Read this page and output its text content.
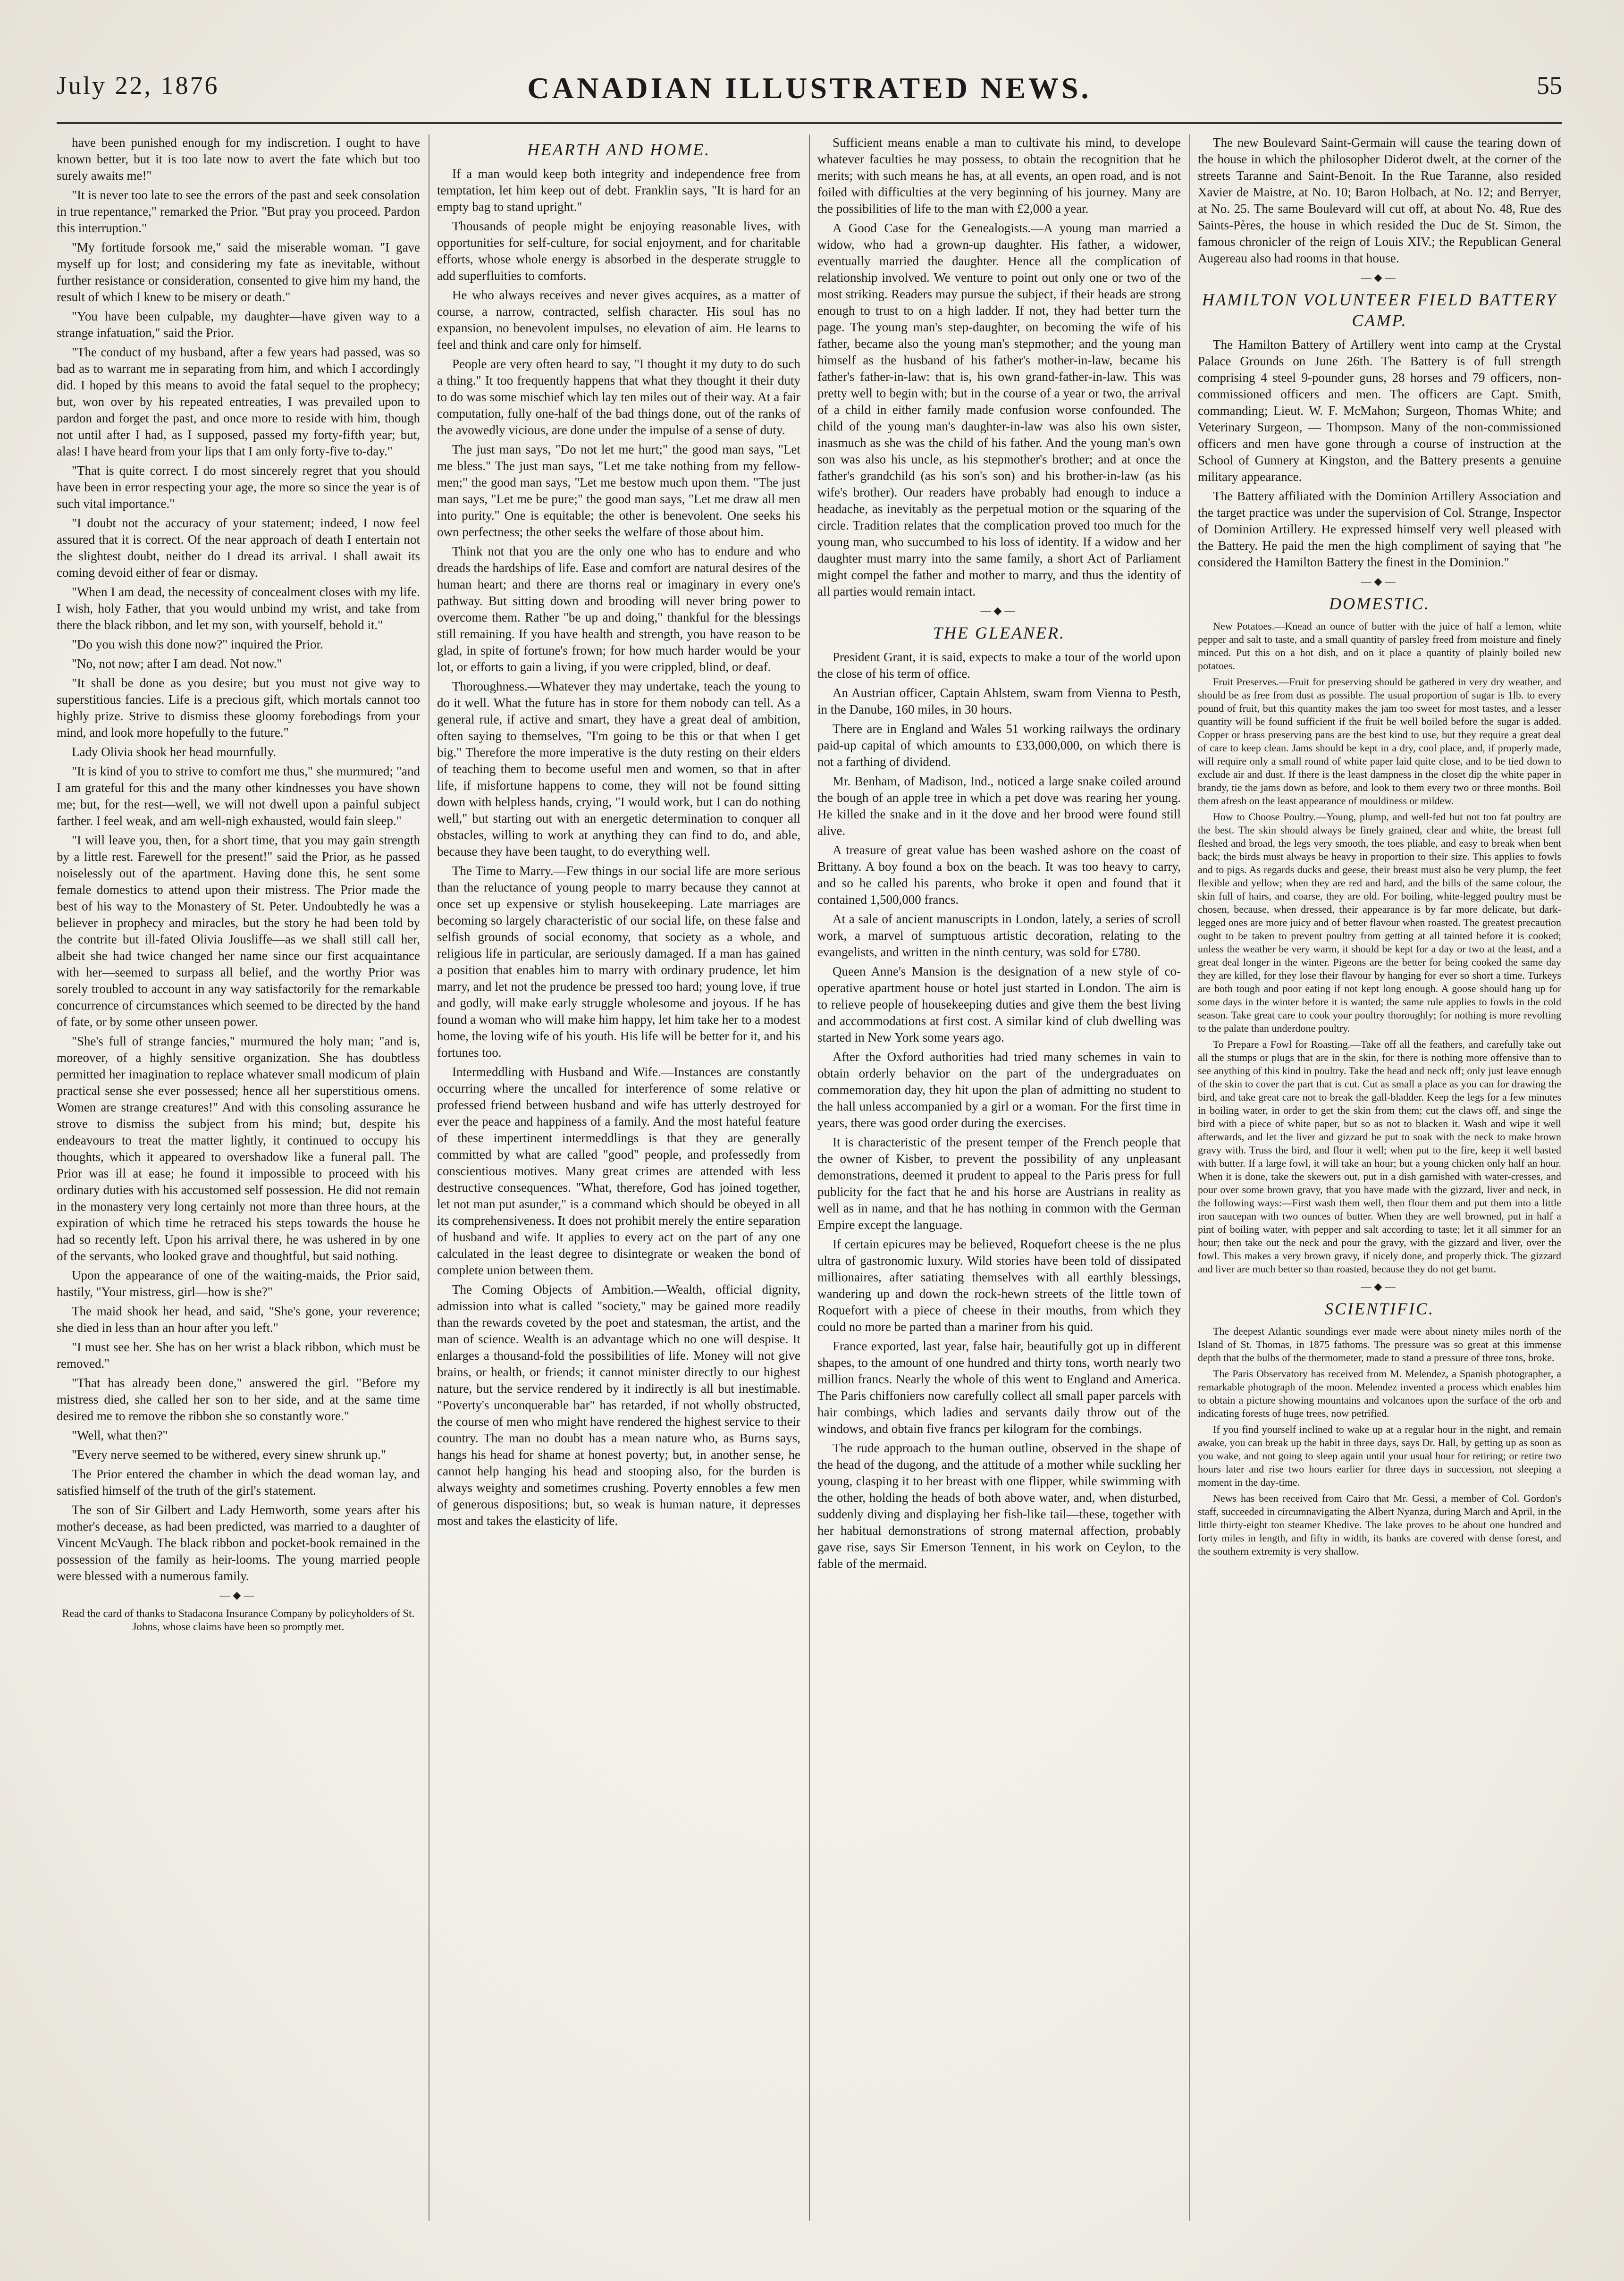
CANADIAN ILLUSTRATED NEWS.
July 22, 1876	55

have been punished enough for my indiscretion. I ought to have known better, but it is too late now to avert the fate which but too surely awaits me!"

"It is never too late to see the errors of the past and seek consolation in true repentance," remarked the Prior. "But pray you proceed. Pardon this interruption."

"My fortitude forsook me," said the miserable woman. "I gave myself up for lost; and considering my fate as inevitable, without further resistance or consideration, consented to give him my hand, the result of which I knew to be misery or death."

"You have been culpable, my daughter—have given way to a strange infatuation," said the Prior.

"The conduct of my husband, after a few years had passed, was so bad as to warrant me in separating from him, and which I accordingly did. I hoped by this means to avoid the fatal sequel to the prophecy; but, won over by his repeated entreaties, I was prevailed upon to pardon and forget the past, and once more to reside with him, though not until after I had, as I supposed, passed my forty-fifth year; but, alas! I have heard from your lips that I am only forty-five to-day."

"That is quite correct. I do most sincerely regret that you should have been in error respecting your age, the more so since the year is of such vital importance."

"I doubt not the accuracy of your statement; indeed, I now feel assured that it is correct. Of the near approach of death I entertain not the slightest doubt, neither do I dread its arrival. I shall await its coming devoid either of fear or dismay.

"When I am dead, the necessity of concealment closes with my life. I wish, holy Father, that you would unbind my wrist, and take from there the black ribbon, and let my son, with yourself, behold it."

"Do you wish this done now?" inquired the Prior.

"No, not now; after I am dead. Not now."

"It shall be done as you desire; but you must not give way to superstitious fancies. Life is a precious gift, which mortals cannot too highly prize. Strive to dismiss these gloomy forebodings from your mind, and look more hopefully to the future."

Lady Olivia shook her head mournfully.

"It is kind of you to strive to comfort me thus," she murmured; "and I am grateful for this and the many other kindnesses you have shown me; but, for the rest—well, we will not dwell upon a painful subject farther. I feel weak, and am well-nigh exhausted, would fain sleep."

"I will leave you, then, for a short time, that you may gain strength by a little rest. Farewell for the present!" said the Prior, as he passed noiselessly out of the apartment. Having done this, he sent some female domestics to attend upon their mistress. The Prior made the best of his way to the Monastery of St. Peter. Undoubtedly he was a believer in prophecy and miracles, but the story he had been told by the contrite but ill-fated Olivia Jousliffe—as we shall still call her, albeit she had twice changed her name since our first acquaintance with her—seemed to surpass all belief, and the worthy Prior was sorely troubled to account in any way satisfactorily for the remarkable concurrence of circumstances which seemed to be directed by the hand of fate, or by some other unseen power.

"She's full of strange fancies," murmured the holy man; "and is, moreover, of a highly sensitive organization. She has doubtless permitted her imagination to replace whatever small modicum of plain practical sense she ever possessed; hence all her superstitious omens. Women are strange creatures!" And with this consoling assurance he strove to dismiss the subject from his mind; but, despite his endeavours to treat the matter lightly, it continued to occupy his thoughts, which it appeared to overshadow like a funeral pall. The Prior was ill at ease; he found it impossible to proceed with his ordinary duties with his accustomed self possession. He did not remain in the monastery very long certainly not more than three hours, at the expiration of which time he retraced his steps towards the house he had so recently left. Upon his arrival there, he was ushered in by one of the servants, who looked grave and thoughtful, but said nothing.

Upon the appearance of one of the waiting-maids, the Prior said, hastily, "Your mistress, girl—how is she?"

The maid shook her head, and said, "She's gone, your reverence; she died in less than an hour after you left."

"I must see her. She has on her wrist a black ribbon, which must be removed."

"That has already been done," answered the girl. "Before my mistress died, she called her son to her side, and at the same time desired me to remove the ribbon she so constantly wore."

"Well, what then?"

"Every nerve seemed to be withered, every sinew shrunk up."

The Prior entered the chamber in which the dead woman lay, and satisfied himself of the truth of the girl's statement.

The son of Sir Gilbert and Lady Hemworth, some years after his mother's decease, as had been predicted, was married to a daughter of Vincent McVaugh. The black ribbon and pocket-book remained in the possession of the family as heir-looms. The young married people were blessed with a numerous family.

—◆—
Read the card of thanks to Stadacona Insurance Company by policyholders of St. Johns, whose claims have been so promptly met.
HEARTH AND HOME.

If a man would keep both integrity and independence free from temptation, let him keep out of debt. Franklin says, "It is hard for an empty bag to stand upright."

Thousands of people might be enjoying reasonable lives, with opportunities for self-culture, for social enjoyment, and for charitable efforts, whose whole energy is absorbed in the desperate struggle to add superfluities to comforts.

He who always receives and never gives acquires, as a matter of course, a narrow, contracted, selfish character. His soul has no expansion, no benevolent impulses, no elevation of aim. He learns to feel and think and care only for himself.

People are very often heard to say, "I thought it my duty to do such a thing." It too frequently happens that what they thought it their duty to do was some mischief which lay ten miles out of their way. At a fair computation, fully one-half of the bad things done, out of the ranks of the avowedly vicious, are done under the impulse of a sense of duty.

The just man says, "Do not let me hurt;" the good man says, "Let me bless." The just man says, "Let me take nothing from my fellow-men;" the good man says, "Let me bestow much upon them. "The just man says, "Let me be pure;" the good man says, "Let me draw all men into purity." One is equitable; the other is benevolent. One seeks his own perfectness; the other seeks the welfare of those about him.

Think not that you are the only one who has to endure and who dreads the hardships of life. Ease and comfort are natural desires of the human heart; and there are thorns real or imaginary in every one's pathway. But sitting down and brooding will never bring power to overcome them. Rather "be up and doing," thankful for the blessings still remaining. If you have health and strength, you have reason to be glad, in spite of fortune's frown; for how much harder would be your lot, or efforts to gain a living, if you were crippled, blind, or deaf.

Thoroughness.—Whatever they may undertake, teach the young to do it well. What the future has in store for them nobody can tell. As a general rule, if active and smart, they have a great deal of ambition, often saying to themselves, "I'm going to be this or that when I get big." Therefore the more imperative is the duty resting on their elders of teaching them to become useful men and women, so that in after life, if misfortune happens to come, they will not be found sitting down with helpless hands, crying, "I would work, but I can do nothing well," but starting out with an energetic determination to conquer all obstacles, willing to work at anything they can find to do, and able, because they have been taught, to do everything well.

The Time to Marry.—Few things in our social life are more serious than the reluctance of young people to marry because they cannot at once set up expensive or stylish housekeeping. Late marriages are becoming so largely characteristic of our social life, on these false and selfish grounds of social economy, that society as a whole, and religious life in particular, are seriously damaged. If a man has gained a position that enables him to marry with ordinary prudence, let him marry, and let not the prudence be pressed too hard; young love, if true and godly, will make early struggle wholesome and joyous. If he has found a woman who will make him happy, let him take her to a modest home, the loving wife of his youth. His life will be better for it, and his fortunes too.

Intermeddling with Husband and Wife.—Instances are constantly occurring where the uncalled for interference of some relative or professed friend between husband and wife has utterly destroyed for ever the peace and happiness of a family. And the most hateful feature of these impertinent intermeddlings is that they are generally committed by what are called "good" people, and professedly from conscientious motives. Many great crimes are attended with less destructive consequences. "What, therefore, God has joined together, let not man put asunder," is a command which should be obeyed in all its comprehensiveness. It does not prohibit merely the entire separation of husband and wife. It applies to every act on the part of any one calculated in the least degree to disintegrate or weaken the bond of complete union between them.

The Coming Objects of Ambition.—Wealth, official dignity, admission into what is called "society," may be gained more readily than the rewards coveted by the poet and statesman, the artist, and the man of science. Wealth is an advantage which no one will despise. It enlarges a thousand-fold the possibilities of life. Money will not give brains, or health, or friends; it cannot minister directly to our highest nature, but the service rendered by it indirectly is all but inestimable. "Poverty's unconquerable bar" has retarded, if not wholly obstructed, the course of men who might have rendered the highest service to their country. The man no doubt has a mean nature who, as Burns says, hangs his head for shame at honest poverty; but, in another sense, he cannot help hanging his head and stooping also, for the burden is always weighty and sometimes crushing. Poverty ennobles a few men of generous dispositions; but, so weak is human nature, it depresses most and takes the elasticity of life.

Sufficient means enable a man to cultivate his mind, to develope whatever faculties he may possess, to obtain the recognition that he merits; with such means he has, at all events, an open road, and is not foiled with difficulties at the very beginning of his journey. Many are the possibilities of life to the man with £2,000 a year.

A Good Case for the Genealogists.—A young man married a widow, who had a grown-up daughter. His father, a widower, eventually married the daughter. Hence all the complication of relationship involved. We venture to point out only one or two of the most striking. Readers may pursue the subject, if their heads are strong enough to trust to on a high ladder. If not, they had better turn the page. The young man's step-daughter, on becoming the wife of his father, became also the young man's stepmother; and the young man himself as the husband of his father's mother-in-law, became his father's father-in-law: that is, his own grand-father-in-law. This was pretty well to begin with; but in the course of a year or two, the arrival of a child in either family made confusion worse confounded. The child of the young man's daughter-in-law was also his own sister, inasmuch as she was the child of his father. And the young man's own son was also his uncle, as his stepmother's brother; and at once the father's grandchild (as his son's son) and his brother-in-law (as his wife's brother). Our readers have probably had enough to induce a headache, as inevitably as the perpetual motion or the squaring of the circle. Tradition relates that the complication proved too much for the young man, who succumbed to his loss of identity. If a widow and her daughter must marry into the same family, a short Act of Parliament might compel the father and mother to marry, and thus the identity of all parties would remain intact.

—◆—
THE GLEANER.

President Grant, it is said, expects to make a tour of the world upon the close of his term of office.

An Austrian officer, Captain Ahlstem, swam from Vienna to Pesth, in the Danube, 160 miles, in 30 hours.

There are in England and Wales 51 working railways the ordinary paid-up capital of which amounts to £33,000,000, on which there is not a farthing of dividend.

Mr. Benham, of Madison, Ind., noticed a large snake coiled around the bough of an apple tree in which a pet dove was rearing her young. He killed the snake and in it the dove and her brood were found still alive.

A treasure of great value has been washed ashore on the coast of Brittany. A boy found a box on the beach. It was too heavy to carry, and so he called his parents, who broke it open and found that it contained 1,500,000 francs.

At a sale of ancient manuscripts in London, lately, a series of scroll work, a marvel of sumptuous artistic decoration, relating to the evangelists, and written in the ninth century, was sold for £780.

Queen Anne's Mansion is the designation of a new style of co-operative apartment house or hotel just started in London. The aim is to relieve people of housekeeping duties and give them the best living and accommodations at first cost. A similar kind of club dwelling was started in New York some years ago.

After the Oxford authorities had tried many schemes in vain to obtain orderly behavior on the part of the undergraduates on commemoration day, they hit upon the plan of admitting no student to the hall unless accompanied by a girl or a woman. For the first time in years, there was good order during the exercises.

It is characteristic of the present temper of the French people that the owner of Kisber, to prevent the possibility of any unpleasant demonstrations, deemed it prudent to appeal to the Paris press for full publicity for the fact that he and his horse are Austrians in reality as well as in name, and that he has nothing in common with the German Empire except the language.

If certain epicures may be believed, Roquefort cheese is the ne plus ultra of gastronomic luxury. Wild stories have been told of dissipated millionaires, after satiating themselves with all earthly blessings, wandering up and down the rock-hewn streets of the little town of Roquefort with a piece of cheese in their mouths, from which they could no more be parted than a mariner from his quid.

France exported, last year, false hair, beautifully got up in different shapes, to the amount of one hundred and thirty tons, worth nearly two million francs. Nearly the whole of this went to England and America. The Paris chiffoniers now carefully collect all small paper parcels with hair combings, which ladies and servants daily throw out of the windows, and obtain five francs per kilogram for the combings.

The rude approach to the human outline, observed in the shape of the head of the dugong, and the attitude of a mother while suckling her young, clasping it to her breast with one flipper, while swimming with the other, holding the heads of both above water, and, when disturbed, suddenly diving and displaying her fish-like tail—these, together with her habitual demonstrations of strong maternal affection, probably gave rise, says Sir Emerson Tennent, in his work on Ceylon, to the fable of the mermaid.

The new Boulevard Saint-Germain will cause the tearing down of the house in which the philosopher Diderot dwelt, at the corner of the streets Taranne and Saint-Benoit. In the Rue Taranne, also resided Xavier de Maistre, at No. 10; Baron Holbach, at No. 12; and Berryer, at No. 25. The same Boulevard will cut off, at about No. 48, Rue des Saints-Pères, the house in which resided the Duc de St. Simon, the famous chronicler of the reign of Louis XIV.; the Republican General Augereau also had rooms in that house.

—◆—
HAMILTON VOLUNTEER FIELD BATTERY CAMP.

The Hamilton Battery of Artillery went into camp at the Crystal Palace Grounds on June 26th. The Battery is of full strength comprising 4 steel 9-pounder guns, 28 horses and 79 officers, non-commissioned officers and men. The officers are Capt. Smith, commanding; Lieut. W. F. McMahon; Surgeon, Thomas White; and Veterinary Surgeon, — Thompson. Many of the non-commissioned officers and men have gone through a course of instruction at the School of Gunnery at Kingston, and the Battery presents a genuine military appearance.

The Battery affiliated with the Dominion Artillery Association and the target practice was under the supervision of Col. Strange, Inspector of Dominion Artillery. He expressed himself very well pleased with the Battery. He paid the men the high compliment of saying that "he considered the Hamilton Battery the finest in the Dominion."

—◆—
DOMESTIC.

New Potatoes.—Knead an ounce of butter with the juice of half a lemon, white pepper and salt to taste, and a small quantity of parsley freed from moisture and finely minced. Put this on a hot dish, and on it place a quantity of plainly boiled new potatoes.

Fruit Preserves.—Fruit for preserving should be gathered in very dry weather, and should be as free from dust as possible. The usual proportion of sugar is 1lb. to every pound of fruit, but this quantity makes the jam too sweet for most tastes, and a lesser quantity will be found sufficient if the fruit be well boiled before the sugar is added. Copper or brass preserving pans are the best kind to use, but they require a great deal of care to keep clean. Jams should be kept in a dry, cool place, and, if properly made, will require only a small round of white paper laid quite close, and to be tied down to exclude air and dust. If there is the least dampness in the closet dip the white paper in brandy, tie the jams down as before, and look to them every two or three months. Boil them afresh on the least appearance of mouldiness or mildew.

How to Choose Poultry.—Young, plump, and well-fed but not too fat poultry are the best. The skin should always be finely grained, clear and white, the breast full fleshed and broad, the legs very smooth, the toes pliable, and easy to break when bent back; the birds must always be heavy in proportion to their size. This applies to fowls and to pigs. As regards ducks and geese, their breast must also be very plump, the feet flexible and yellow; when they are red and hard, and the bills of the same colour, the skin full of hairs, and coarse, they are old. For boiling, white-legged poultry must be chosen, because, when dressed, their appearance is by far more delicate, but dark-legged ones are more juicy and of better flavour when roasted. The greatest precaution ought to be taken to prevent poultry from getting at all tainted before it is cooked; unless the weather be very warm, it should be kept for a day or two at the least, and a great deal longer in the winter. Pigeons are the better for being cooked the same day they are killed, for they lose their flavour by hanging for ever so short a time. Turkeys are both tough and poor eating if not kept long enough. A goose should hang up for some days in the winter before it is wanted; the same rule applies to fowls in the cold season. Take great care to cook your poultry thoroughly; for nothing is more revolting to the palate than underdone poultry.

To Prepare a Fowl for Roasting.—Take off all the feathers, and carefully take out all the stumps or plugs that are in the skin, for there is nothing more offensive than to see anything of this kind in poultry. Take the head and neck off; only just leave enough of the skin to cover the part that is cut. Cut as small a place as you can for drawing the bird, and take great care not to break the gall-bladder. Keep the legs for a few minutes in boiling water, in order to get the skin from them; cut the claws off, and singe the bird with a piece of white paper, but so as not to blacken it. Wash and wipe it well afterwards, and let the liver and gizzard be put to soak with the neck to make brown gravy with. Truss the bird, and flour it well; when put to the fire, keep it well basted with butter. If a large fowl, it will take an hour; but a young chicken only half an hour. When it is done, take the skewers out, put in a dish garnished with water-cresses, and pour over some brown gravy, that you have made with the gizzard, liver and neck, in the following ways:—First wash them well, then flour them and put them into a little iron saucepan with two ounces of butter. When they are well browned, put in half a pint of boiling water, with pepper and salt according to taste; let it all simmer for an hour; then take out the neck and pour the gravy, with the gizzard and liver, over the fowl. This makes a very brown gravy, if nicely done, and properly thick. The gizzard and liver are much better so than roasted, because they do not get burnt.

—◆—
SCIENTIFIC.

The deepest Atlantic soundings ever made were about ninety miles north of the Island of St. Thomas, in 1875 fathoms. The pressure was so great at this immense depth that the bulbs of the thermometer, made to stand a pressure of three tons, broke.

The Paris Observatory has received from M. Melendez, a Spanish photographer, a remarkable photograph of the moon. Melendez invented a process which enables him to obtain a picture showing mountains and volcanoes upon the surface of the orb and indicating forests of huge trees, now petrified.

If you find yourself inclined to wake up at a regular hour in the night, and remain awake, you can break up the habit in three days, says Dr. Hall, by getting up as soon as you wake, and not going to sleep again until your usual hour for retiring; or retire two hours later and rise two hours earlier for three days in succession, not sleeping a moment in the day-time.

News has been received from Cairo that Mr. Gessi, a member of Col. Gordon's staff, succeeded in circumnavigating the Albert Nyanza, during March and April, in the little thirty-eight ton steamer Khedive. The lake proves to be about one hundred and forty miles in length, and fifty in width, its banks are covered with dense forest, and the southern extremity is very shallow.
